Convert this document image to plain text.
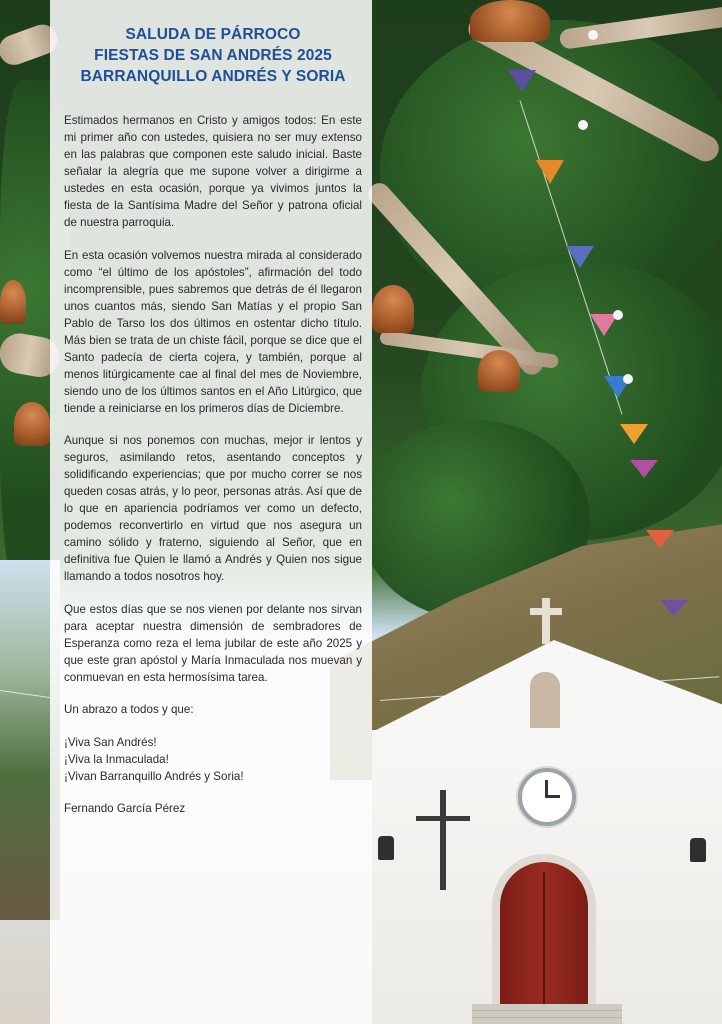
SALUDA DE PÁRROCO
FIESTAS DE SAN ANDRÉS 2025
BARRANQUILLO ANDRÉS Y SORIA

Estimados hermanos en Cristo y amigos todos: En este mi primer año con ustedes, quisiera no ser muy extenso en las palabras que componen este saludo inicial. Baste señalar la alegría que me supone volver a dirigirme a ustedes en esta ocasión, porque ya vivimos juntos la fiesta de la Santísima Madre del Señor y patrona oficial de nuestra parroquia.

En esta ocasión volvemos nuestra mirada al considerado como “el último de los apóstoles”, afirmación del todo incomprensible, pues sabremos que detrás de él llegaron unos cuantos más, siendo San Matías y el propio San Pablo de Tarso los dos últimos en ostentar dicho título. Más bien se trata de un chiste fácil, porque se dice que el Santo padecía de cierta cojera, y también, porque al menos litúrgicamente cae al final del mes de Noviembre, siendo uno de los últimos santos en el Año Litúrgico, que tiende a reiniciarse en los primeros días de Diciembre.

Aunque si nos ponemos con muchas, mejor ir lentos y seguros, asimilando retos, asentando conceptos y solidificando experiencias; que por mucho correr se nos queden cosas atrás, y lo peor, personas atrás. Así que de lo que en apariencia podríamos ver como un defecto, podemos reconvertirlo en virtud que nos asegura un camino sólido y fraterno, siguiendo al Señor, que en definitiva fue Quien le llamó a Andrés y Quien nos sigue llamando a todos nosotros hoy.

Que estos días que se nos vienen por delante nos sirvan para aceptar nuestra dimensión de sembradores de Esperanza como reza el lema jubilar de este año 2025 y que este gran apóstol y María Inmaculada nos muevan y conmuevan en esta hermosísima tarea.

Un abrazo a todos y que:

¡Viva San Andrés!

¡Viva la Inmaculada!

¡Vivan Barranquillo Andrés y Soria!

Fernando García Pérez
